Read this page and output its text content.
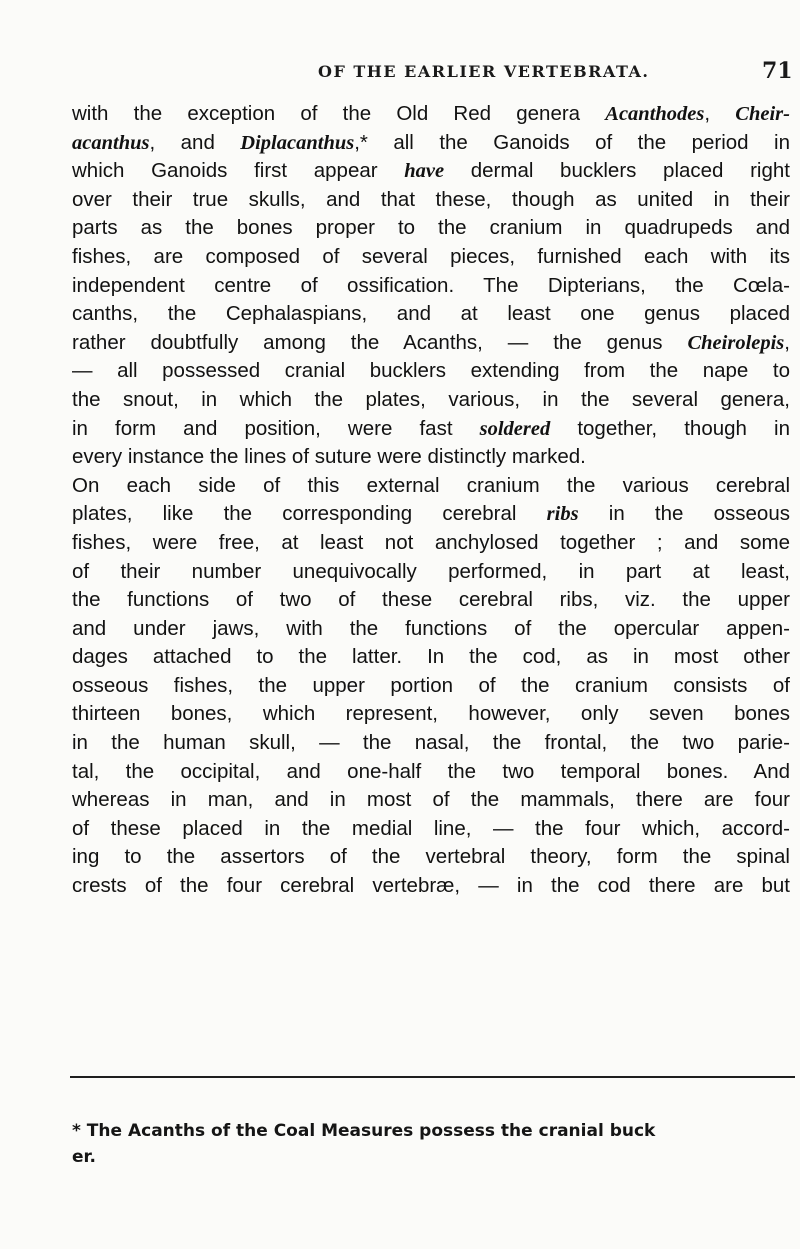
OF THE EARLIER VERTEBRATA.	71
with the exception of the Old Red genera Acanthodes, Cheir-
acanthus, and Diplacanthus,* all the Ganoids of the period in
which Ganoids first appear have dermal bucklers placed right
over their true skulls, and that these, though as united in their
parts as the bones proper to the cranium in quadrupeds and
fishes, are composed of several pieces, furnished each with its
independent centre of ossification. The Dipterians, the Cœla-
canths, the Cephalaspians, and at least one genus placed
rather doubtfully among the Acanths, — the genus Cheirolepis,
— all possessed cranial bucklers extending from the nape to
the snout, in which the plates, various, in the several genera,
in form and position, were fast soldered together, though in
every instance the lines of suture were distinctly marked.
On each side of this external cranium the various cerebral
plates, like the corresponding cerebral ribs in the osseous
fishes, were free, at least not anchylosed together ; and some
of their number unequivocally performed, in part at least,
the functions of two of these cerebral ribs, viz. the upper
and under jaws, with the functions of the opercular appen-
dages attached to the latter. In the cod, as in most other
osseous fishes, the upper portion of the cranium consists of
thirteen bones, which represent, however, only seven bones
in the human skull, — the nasal, the frontal, the two parie-
tal, the occipital, and one-half the two temporal bones. And
whereas in man, and in most of the mammals, there are four
of these placed in the medial line, — the four which, accord-
ing to the assertors of the vertebral theory, form the spinal
crests of the four cerebral vertebræ, — in the cod there are but
* The Acanths of the Coal Measures possess the cranial buck
er.
